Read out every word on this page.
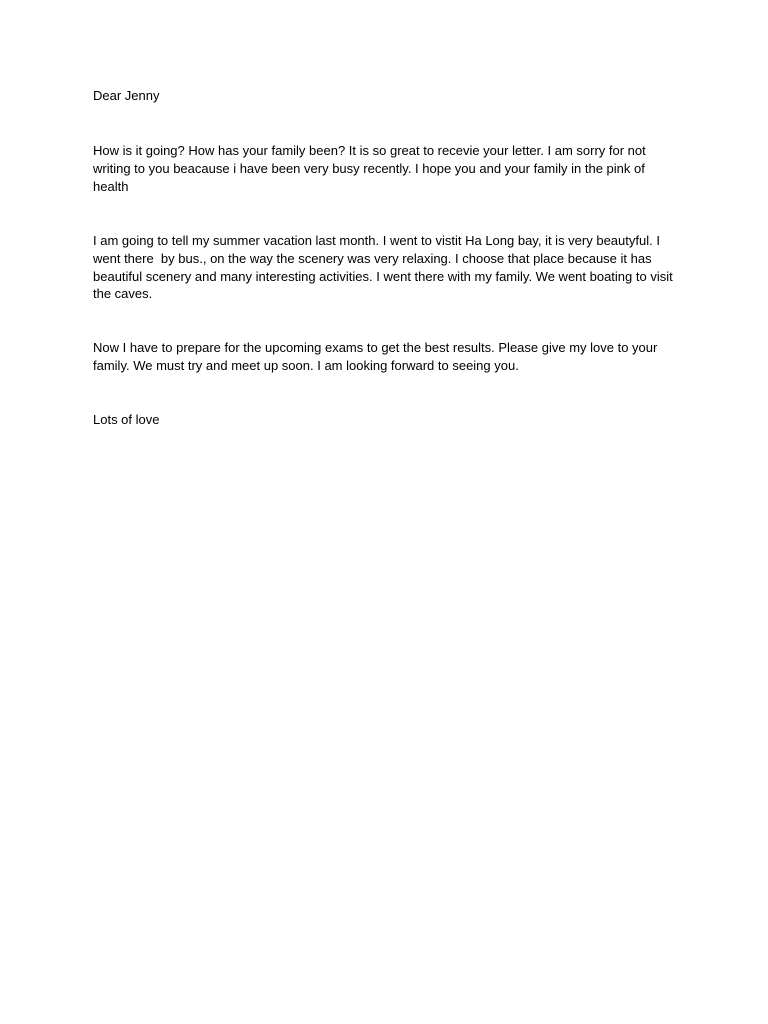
Dear Jenny

How is it going? How has your family been? It is so great to recevie your letter. I am sorry for not writing to you beacause i have been very busy recently. I hope you and your family in the pink of health

I am going to tell my summer vacation last month. I went to vistit Ha Long bay, it is very beautyful. I went there  by bus., on the way the scenery was very relaxing. I choose that place because it has beautiful scenery and many interesting activities. I went there with my family. We went boating to visit the caves.

Now I have to prepare for the upcoming exams to get the best results. Please give my love to your family. We must try and meet up soon. I am looking forward to seeing you.

Lots of love
